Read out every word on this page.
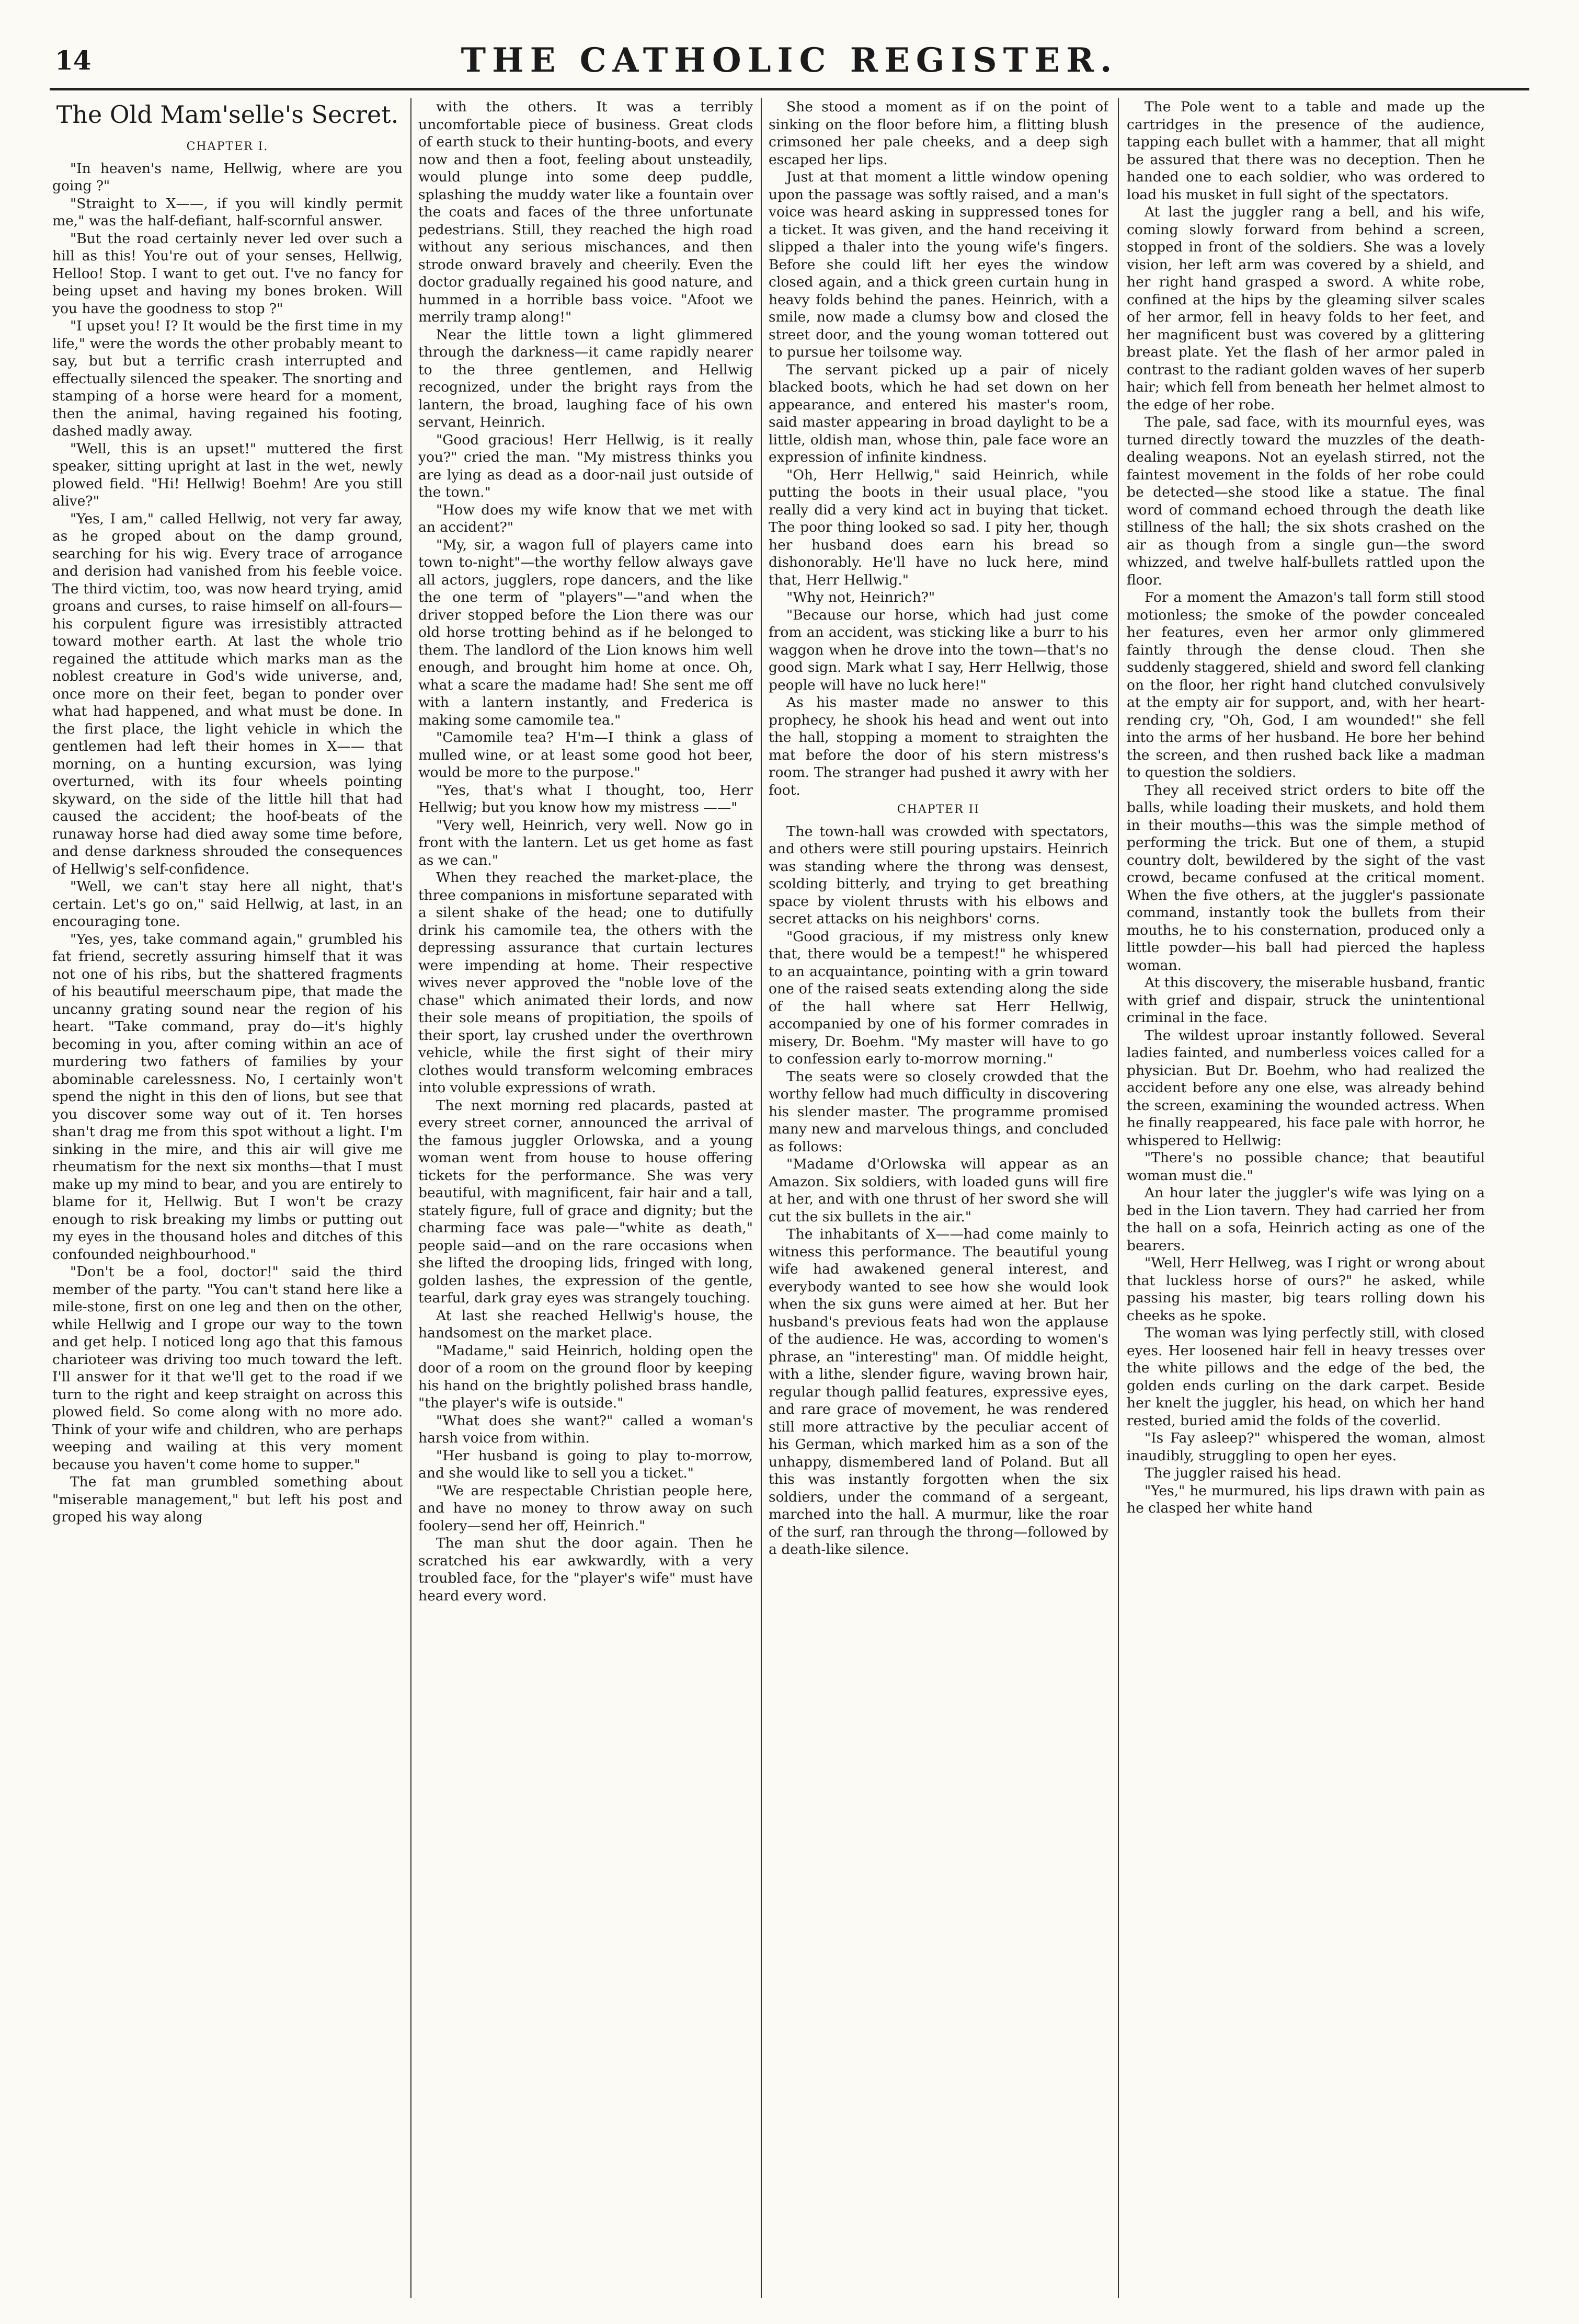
14	THE CATHOLIC REGISTER.
The Old Mam'selle's Secret.
CHAPTER I.

"In heaven's name, Hellwig, where are you going ?"

"Straight to X——, if you will kindly permit me," was the half-defiant, half-scornful answer.

"But the road certainly never led over such a hill as this! You're out of your senses, Hellwig, Helloo! Stop. I want to get out. I've no fancy for being upset and having my bones broken. Will you have the goodness to stop ?"

"I upset you! I? It would be the first time in my life," were the words the other probably meant to say, but but a terrific crash interrupted and effectually silenced the speaker. The snorting and stamping of a horse were heard for a moment, then the animal, having regained his footing, dashed madly away.

"Well, this is an upset!" muttered the first speaker, sitting upright at last in the wet, newly plowed field. "Hi! Hellwig! Boehm! Are you still alive?"

"Yes, I am," called Hellwig, not very far away, as he groped about on the damp ground, searching for his wig. Every trace of arrogance and derision had vanished from his feeble voice. The third victim, too, was now heard trying, amid groans and curses, to raise himself on all-fours—his corpulent figure was irresistibly attracted toward mother earth. At last the whole trio regained the attitude which marks man as the noblest creature in God's wide universe, and, once more on their feet, began to ponder over what had happened, and what must be done. In the first place, the light vehicle in which the gentlemen had left their homes in X—— that morning, on a hunting excursion, was lying overturned, with its four wheels pointing skyward, on the side of the little hill that had caused the accident; the hoof-beats of the runaway horse had died away some time before, and dense darkness shrouded the consequences of Hellwig's self-confidence.

"Well, we can't stay here all night, that's certain. Let's go on," said Hellwig, at last, in an encouraging tone.

"Yes, yes, take command again," grumbled his fat friend, secretly assuring himself that it was not one of his ribs, but the shattered fragments of his beautiful meerschaum pipe, that made the uncanny grating sound near the region of his heart. "Take command, pray do—it's highly becoming in you, after coming within an ace of murdering two fathers of families by your abominable carelessness. No, I certainly won't spend the night in this den of lions, but see that you discover some way out of it. Ten horses shan't drag me from this spot without a light. I'm sinking in the mire, and this air will give me rheumatism for the next six months—that I must make up my mind to bear, and you are entirely to blame for it, Hellwig. But I won't be crazy enough to risk breaking my limbs or putting out my eyes in the thousand holes and ditches of this confounded neighbourhood."

"Don't be a fool, doctor!" said the third member of the party. "You can't stand here like a mile-stone, first on one leg and then on the other, while Hellwig and I grope our way to the town and get help. I noticed long ago that this famous charioteer was driving too much toward the left. I'll answer for it that we'll get to the road if we turn to the right and keep straight on across this plowed field. So come along with no more ado. Think of your wife and children, who are perhaps weeping and wailing at this very moment because you haven't come home to supper."

The fat man grumbled something about "miserable management," but left his post and groped his way along

with the others. It was a terribly uncomfortable piece of business. Great clods of earth stuck to their hunting-boots, and every now and then a foot, feeling about unsteadily, would plunge into some deep puddle, splashing the muddy water like a fountain over the coats and faces of the three unfortunate pedestrians. Still, they reached the high road without any serious mischances, and then strode onward bravely and cheerily. Even the doctor gradually regained his good nature, and hummed in a horrible bass voice. "Afoot we merrily tramp along!"

Near the little town a light glimmered through the darkness—it came rapidly nearer to the three gentlemen, and Hellwig recognized, under the bright rays from the lantern, the broad, laughing face of his own servant, Heinrich.

"Good gracious! Herr Hellwig, is it really you?" cried the man. "My mistress thinks you are lying as dead as a door-nail just outside of the town."

"How does my wife know that we met with an accident?"

"My, sir, a wagon full of players came into town to-night"—the worthy fellow always gave all actors, jugglers, rope dancers, and the like the one term of "players"—"and when the driver stopped before the Lion there was our old horse trotting behind as if he belonged to them. The landlord of the Lion knows him well enough, and brought him home at once. Oh, what a scare the madame had! She sent me off with a lantern instantly, and Frederica is making some camomile tea."

"Camomile tea? H'm—I think a glass of mulled wine, or at least some good hot beer, would be more to the purpose."

"Yes, that's what I thought, too, Herr Hellwig; but you know how my mistress ——"

"Very well, Heinrich, very well. Now go in front with the lantern. Let us get home as fast as we can."

When they reached the market-place, the three companions in misfortune separated with a silent shake of the head; one to dutifully drink his camomile tea, the others with the depressing assurance that curtain lectures were impending at home. Their respective wives never approved the "noble love of the chase" which animated their lords, and now their sole means of propitiation, the spoils of their sport, lay crushed under the overthrown vehicle, while the first sight of their miry clothes would transform welcoming embraces into voluble expressions of wrath.

The next morning red placards, pasted at every street corner, announced the arrival of the famous juggler Orlowska, and a young woman went from house to house offering tickets for the performance. She was very beautiful, with magnificent, fair hair and a tall, stately figure, full of grace and dignity; but the charming face was pale—"white as death," people said—and on the rare occasions when she lifted the drooping lids, fringed with long, golden lashes, the expression of the gentle, tearful, dark gray eyes was strangely touching.

At last she reached Hellwig's house, the handsomest on the market place.

"Madame," said Heinrich, holding open the door of a room on the ground floor by keeping his hand on the brightly polished brass handle, "the player's wife is outside."

"What does she want?" called a woman's harsh voice from within.

"Her husband is going to play to-morrow, and she would like to sell you a ticket."

"We are respectable Christian people here, and have no money to throw away on such foolery—send her off, Heinrich."

The man shut the door again. Then he scratched his ear awkwardly, with a very troubled face, for the "player's wife" must have heard every word.

She stood a moment as if on the point of sinking on the floor before him, a flitting blush crimsoned her pale cheeks, and a deep sigh escaped her lips.

Just at that moment a little window opening upon the passage was softly raised, and a man's voice was heard asking in suppressed tones for a ticket. It was given, and the hand receiving it slipped a thaler into the young wife's fingers. Before she could lift her eyes the window closed again, and a thick green curtain hung in heavy folds behind the panes. Heinrich, with a smile, now made a clumsy bow and closed the street door, and the young woman tottered out to pursue her toilsome way.

The servant picked up a pair of nicely blacked boots, which he had set down on her appearance, and entered his master's room, said master appearing in broad daylight to be a little, oldish man, whose thin, pale face wore an expression of infinite kindness.

"Oh, Herr Hellwig," said Heinrich, while putting the boots in their usual place, "you really did a very kind act in buying that ticket. The poor thing looked so sad. I pity her, though her husband does earn his bread so dishonorably. He'll have no luck here, mind that, Herr Hellwig."

"Why not, Heinrich?"

"Because our horse, which had just come from an accident, was sticking like a burr to his waggon when he drove into the town—that's no good sign. Mark what I say, Herr Hellwig, those people will have no luck here!"

As his master made no answer to this prophecy, he shook his head and went out into the hall, stopping a moment to straighten the mat before the door of his stern mistress's room. The stranger had pushed it awry with her foot.

CHAPTER II

The town-hall was crowded with spectators, and others were still pouring upstairs. Heinrich was standing where the throng was densest, scolding bitterly, and trying to get breathing space by violent thrusts with his elbows and secret attacks on his neighbors' corns.

"Good gracious, if my mistress only knew that, there would be a tempest!" he whispered to an acquaintance, pointing with a grin toward one of the raised seats extending along the side of the hall where sat Herr Hellwig, accompanied by one of his former comrades in misery, Dr. Boehm. "My master will have to go to confession early to-morrow morning."

The seats were so closely crowded that the worthy fellow had much difficulty in discovering his slender master. The programme promised many new and marvelous things, and concluded as follows:

"Madame d'Orlowska will appear as an Amazon. Six soldiers, with loaded guns will fire at her, and with one thrust of her sword she will cut the six bullets in the air."

The inhabitants of X——had come mainly to witness this performance. The beautiful young wife had awakened general interest, and everybody wanted to see how she would look when the six guns were aimed at her. But her husband's previous feats had won the applause of the audience. He was, according to women's phrase, an "interesting" man. Of middle height, with a lithe, slender figure, waving brown hair, regular though pallid features, expressive eyes, and rare grace of movement, he was rendered still more attractive by the peculiar accent of his German, which marked him as a son of the unhappy, dismembered land of Poland. But all this was instantly forgotten when the six soldiers, under the command of a sergeant, marched into the hall. A murmur, like the roar of the surf, ran through the throng—followed by a death-like silence.

The Pole went to a table and made up the cartridges in the presence of the audience, tapping each bullet with a hammer, that all might be assured that there was no deception. Then he handed one to each soldier, who was ordered to load his musket in full sight of the spectators.

At last the juggler rang a bell, and his wife, coming slowly forward from behind a screen, stopped in front of the soldiers. She was a lovely vision, her left arm was covered by a shield, and her right hand grasped a sword. A white robe, confined at the hips by the gleaming silver scales of her armor, fell in heavy folds to her feet, and her magnificent bust was covered by a glittering breast plate. Yet the flash of her armor paled in contrast to the radiant golden waves of her superb hair; which fell from beneath her helmet almost to the edge of her robe.

The pale, sad face, with its mournful eyes, was turned directly toward the muzzles of the death-dealing weapons. Not an eyelash stirred, not the faintest movement in the folds of her robe could be detected—she stood like a statue. The final word of command echoed through the death like stillness of the hall; the six shots crashed on the air as though from a single gun—the sword whizzed, and twelve half-bullets rattled upon the floor.

For a moment the Amazon's tall form still stood motionless; the smoke of the powder concealed her features, even her armor only glimmered faintly through the dense cloud. Then she suddenly staggered, shield and sword fell clanking on the floor, her right hand clutched convulsively at the empty air for support, and, with her heart-rending cry, "Oh, God, I am wounded!" she fell into the arms of her husband. He bore her behind the screen, and then rushed back like a madman to question the soldiers.

They all received strict orders to bite off the balls, while loading their muskets, and hold them in their mouths—this was the simple method of performing the trick. But one of them, a stupid country dolt, bewildered by the sight of the vast crowd, became confused at the critical moment. When the five others, at the juggler's passionate command, instantly took the bullets from their mouths, he to his consternation, produced only a little powder—his ball had pierced the hapless woman.

At this discovery, the miserable husband, frantic with grief and dispair, struck the unintentional criminal in the face.

The wildest uproar instantly followed. Several ladies fainted, and numberless voices called for a physician. But Dr. Boehm, who had realized the accident before any one else, was already behind the screen, examining the wounded actress. When he finally reappeared, his face pale with horror, he whispered to Hellwig:

"There's no possible chance; that beautiful woman must die."

An hour later the juggler's wife was lying on a bed in the Lion tavern. They had carried her from the hall on a sofa, Heinrich acting as one of the bearers.

"Well, Herr Hellweg, was I right or wrong about that luckless horse of ours?" he asked, while passing his master, big tears rolling down his cheeks as he spoke.

The woman was lying perfectly still, with closed eyes. Her loosened hair fell in heavy tresses over the white pillows and the edge of the bed, the golden ends curling on the dark carpet. Beside her knelt the juggler, his head, on which her hand rested, buried amid the folds of the coverlid.

"Is Fay asleep?" whispered the woman, almost inaudibly, struggling to open her eyes.

The juggler raised his head.

"Yes," he murmured, his lips drawn with pain as he clasped her white hand
